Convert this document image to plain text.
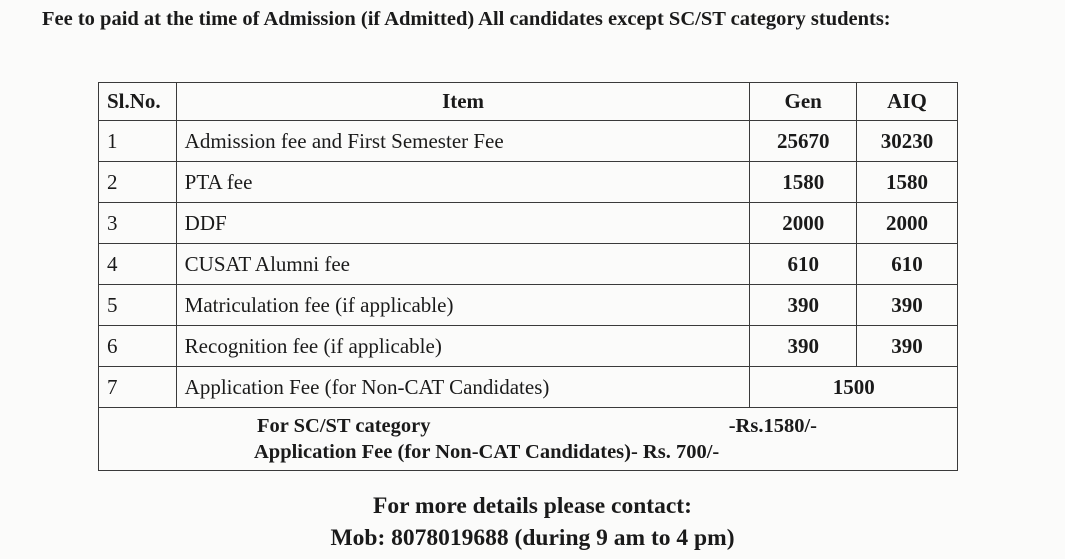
Fee to paid at the time of Admission (if Admitted) All candidates except SC/ST category students:

Sl.No.	Item	Gen	AIQ
1	Admission fee and First Semester Fee	25670	30230
2	PTA fee	1580	1580
3	DDF	2000	2000
4	CUSAT Alumni fee	610	610
5	Matriculation fee (if applicable)	390	390
6	Recognition fee (if applicable)	390	390
7	Application Fee (for Non-CAT Candidates)	1500	

For SC/ST category -Rs.1580/-
Application Fee (for Non-CAT Candidates)- Rs. 700/-			
For more details please contact:
Mob: 8078019688 (during 9 am to 4 pm)
